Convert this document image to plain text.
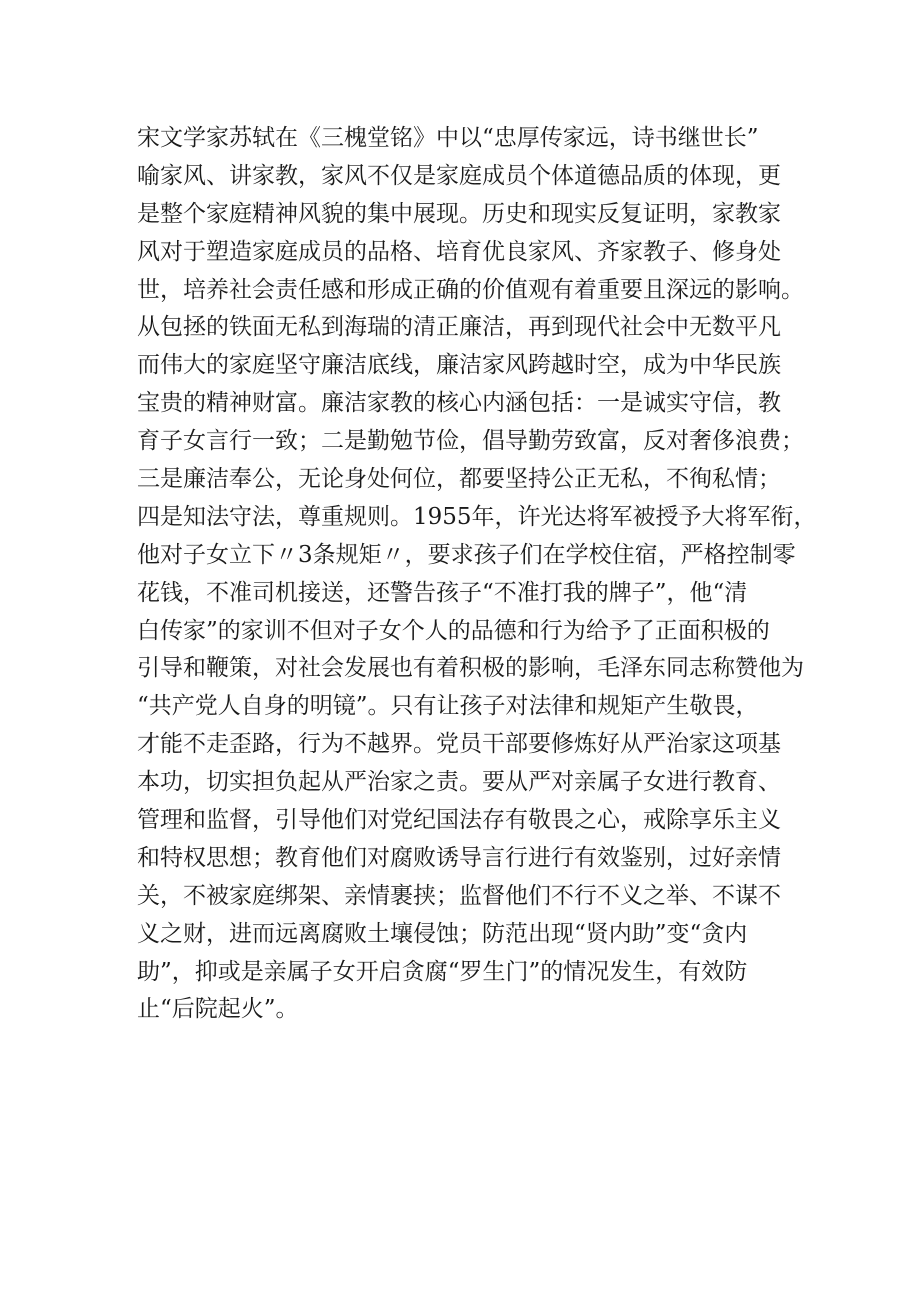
宋文学家苏轼在《三槐堂铭》中以“忠厚传家远，诗书继世长”
喻家风、讲家教，家风不仅是家庭成员个体道德品质的体现，更
是整个家庭精神风貌的集中展现。历史和现实反复证明，家教家
风对于塑造家庭成员的品格、培育优良家风、齐家教子、修身处
世，培养社会责任感和形成正确的价值观有着重要且深远的影响。
从包拯的铁面无私到海瑞的清正廉洁，再到现代社会中无数平凡
而伟大的家庭坚守廉洁底线，廉洁家风跨越时空，成为中华民族
宝贵的精神财富。廉洁家教的核心内涵包括：一是诚实守信，教
育子女言行一致；二是勤勉节俭，倡导勤劳致富，反对奢侈浪费；
三是廉洁奉公，无论身处何位，都要坚持公正无私，不徇私情；
四是知法守法，尊重规则。1955年，许光达将军被授予大将军衔，
他对子女立下〃3条规矩〃，要求孩子们在学校住宿，严格控制零
花钱，不准司机接送，还警告孩子“不准打我的牌子”，他“清
白传家”的家训不但对子女个人的品德和行为给予了正面积极的
引导和鞭策，对社会发展也有着积极的影响，毛泽东同志称赞他为
“共产党人自身的明镜”。只有让孩子对法律和规矩产生敬畏，
才能不走歪路，行为不越界。党员干部要修炼好从严治家这项基
本功，切实担负起从严治家之责。要从严对亲属子女进行教育、
管理和监督，引导他们对党纪国法存有敬畏之心，戒除享乐主义
和特权思想；教育他们对腐败诱导言行进行有效鉴别，过好亲情
关，不被家庭绑架、亲情裹挟；监督他们不行不义之举、不谋不
义之财，进而远离腐败土壤侵蚀；防范出现“贤内助”变“贪内
助”，抑或是亲属子女开启贪腐“罗生门”的情况发生，有效防
止“后院起火”。
